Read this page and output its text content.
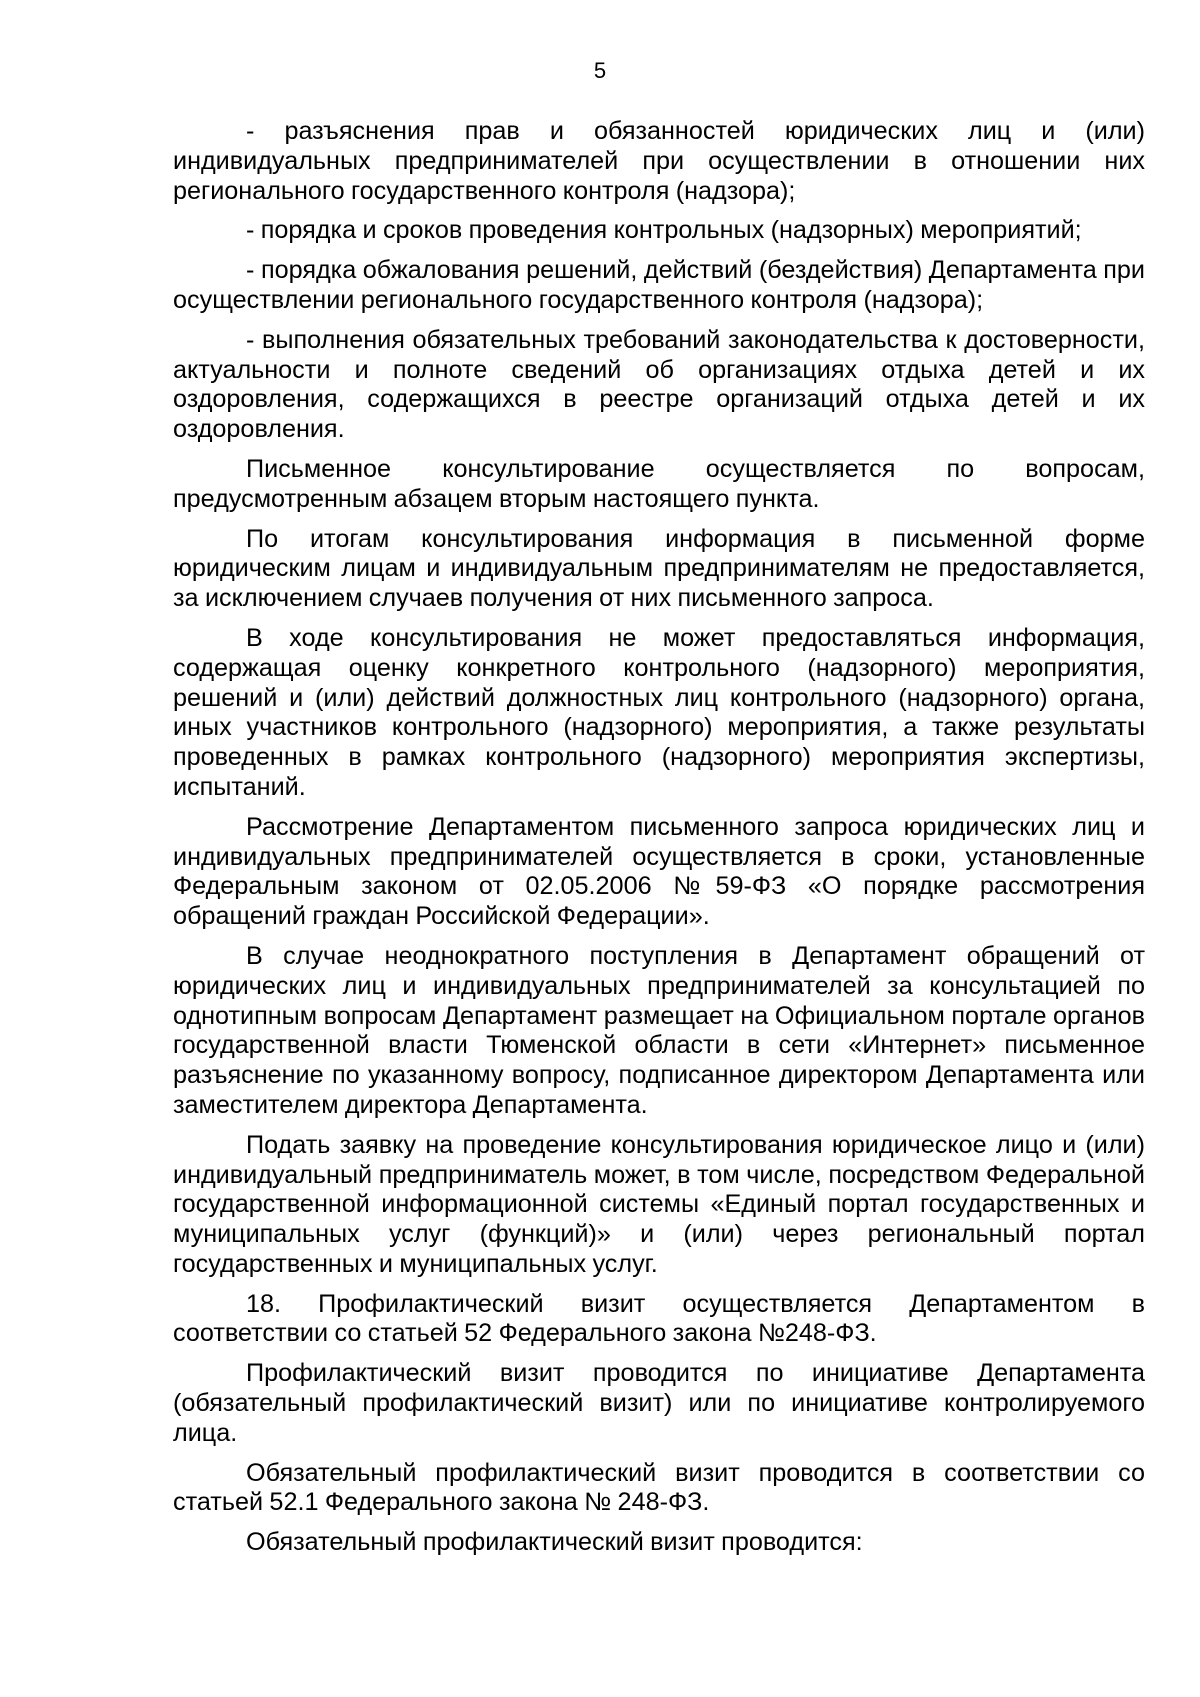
5

- разъяснения прав и обязанностей юридических лиц и (или) индивидуальных предпринимателей при осуществлении в отношении них регионального государственного контроля (надзора);

- порядка и сроков проведения контрольных (надзорных) мероприятий;

- порядка обжалования решений, действий (бездействия) Департамента при осуществлении регионального государственного контроля (надзора);

- выполнения обязательных требований законодательства к достоверности, актуальности и полноте сведений об организациях отдыха детей и их оздоровления, содержащихся в реестре организаций отдыха детей и их оздоровления.

Письменное консультирование осуществляется по вопросам, предусмотренным абзацем вторым настоящего пункта.

По итогам консультирования информация в письменной форме юридическим лицам и индивидуальным предпринимателям не предоставляется, за исключением случаев получения от них письменного запроса.

В ходе консультирования не может предоставляться информация, содержащая оценку конкретного контрольного (надзорного) мероприятия, решений и (или) действий должностных лиц контрольного (надзорного) органа, иных участников контрольного (надзорного) мероприятия, а также результаты проведенных в рамках контрольного (надзорного) мероприятия экспертизы, испытаний.

Рассмотрение Департаментом письменного запроса юридических лиц и индивидуальных предпринимателей осуществляется в сроки, установленные Федеральным законом от 02.05.2006 №59-ФЗ «О порядке рассмотрения обращений граждан Российской Федерации».

В случае неоднократного поступления в Департамент обращений от юридических лиц и индивидуальных предпринимателей за консультацией по однотипным вопросам Департамент размещает на Официальном портале органов государственной власти Тюменской области в сети «Интернет» письменное разъяснение по указанному вопросу, подписанное директором Департамента или заместителем директора Департамента.

Подать заявку на проведение консультирования юридическое лицо и (или) индивидуальный предприниматель может, в том числе, посредством Федеральной государственной информационной системы «Единый портал государственных и муниципальных услуг (функций)» и (или) через региональный портал государственных и муниципальных услуг.

18. Профилактический визит осуществляется Департаментом в соответствии со статьей 52 Федерального закона №248-ФЗ.

Профилактический визит проводится по инициативе Департамента (обязательный профилактический визит) или по инициативе контролируемого лица.

Обязательный профилактический визит проводится в соответствии со статьей 52.1 Федерального закона № 248-ФЗ.

Обязательный профилактический визит проводится:
